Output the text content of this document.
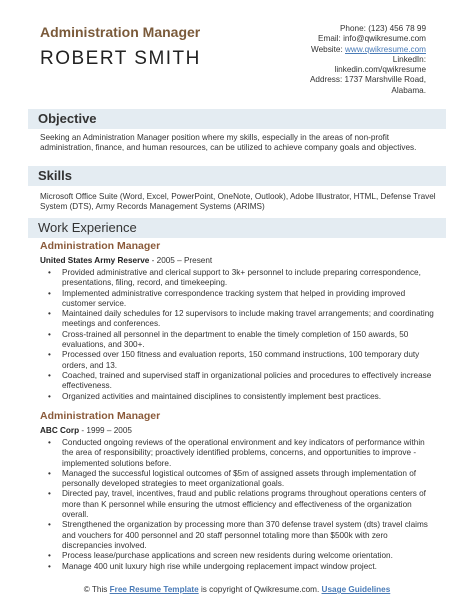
Administration Manager
ROBERT SMITH
Phone: (123) 456 78 99
Email: info@qwikresume.com
Website: www.qwikresume.com
LinkedIn:
linkedin.com/qwikresume
Address: 1737 Marshville Road,
Alabama.
Objective
Seeking an Administration Manager position where my skills, especially in the areas of non-profit administration, finance, and human resources, can be utilized to achieve company goals and objectives.
Skills
Microsoft Office Suite (Word, Excel, PowerPoint, OneNote, Outlook), Adobe Illustrator, HTML, Defense Travel System (DTS), Army Records Management Systems (ARIMS)
Work Experience
Administration Manager
United States Army Reserve - 2005 – Present
• Provided administrative and clerical support to 3k+ personnel to include preparing correspondence, presentations, filing, record, and timekeeping.
• Implemented administrative correspondence tracking system that helped in providing improved customer service.
• Maintained daily schedules for 12 supervisors to include making travel arrangements; and coordinating meetings and conferences.
• Cross-trained all personnel in the department to enable the timely completion of 150 awards, 50 evaluations, and 300+.
• Processed over 150 fitness and evaluation reports, 150 command instructions, 100 temporary duty orders, and 13.
• Coached, trained and supervised staff in organizational policies and procedures to effectively increase effectiveness.
• Organized activities and maintained disciplines to consistently implement best practices.
Administration Manager
ABC Corp - 1999 – 2005
• Conducted ongoing reviews of the operational environment and key indicators of performance within the area of responsibility; proactively identified problems, concerns, and opportunities to improve - implemented solutions before.
• Managed the successful logistical outcomes of $5m of assigned assets through implementation of personally developed strategies to meet organizational goals.
• Directed pay, travel, incentives, fraud and public relations programs throughout operations centers of more than K personnel while ensuring the utmost efficiency and effectiveness of the organization overall.
• Strengthened the organization by processing more than 370 defense travel system (dts) travel claims and vouchers for 400 personnel and 20 staff personnel totaling more than $500k with zero discrepancies involved.
• Process lease/purchase applications and screen new residents during welcome orientation.
• Manage 400 unit luxury high rise while undergoing replacement impact window project.
© This Free Resume Template is copyright of Qwikresume.com. Usage Guidelines
